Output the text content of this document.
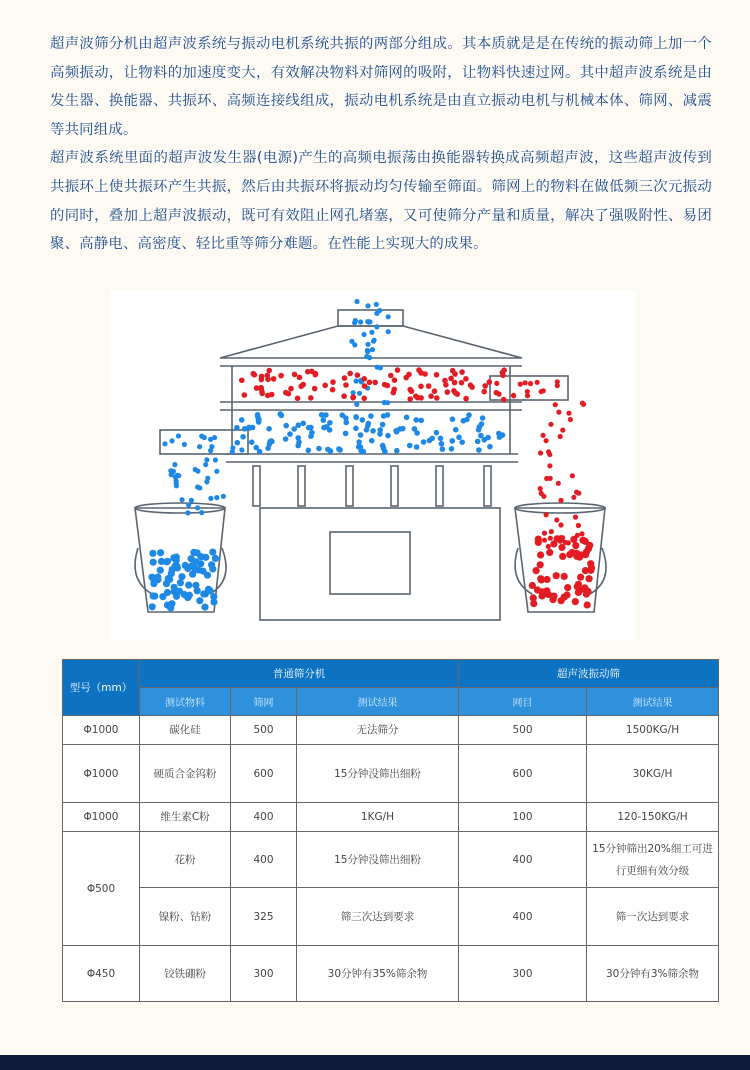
超声波筛分机由超声波系统与振动电机系统共振的两部分组成。其本质就是是在传统的振动筛上加一个高频振动，让物料的加速度变大，有效解决物料对筛网的吸附，让物料快速过网。其中超声波系统是由发生器、换能器、共振环、高频连接线组成，振动电机系统是由直立振动电机与机械本体、筛网、减震等共同组成。

超声波系统里面的超声波发生器(电源)产生的高频电振荡由换能器转换成高频超声波，这些超声波传到共振环上使共振环产生共振，然后由共振环将振动均匀传输至筛面。筛网上的物料在做低频三次元振动的同时，叠加上超声波振动，既可有效阻止网孔堵塞，又可使筛分产量和质量，解决了强吸附性、易团聚、高静电、高密度、轻比重等筛分难题。在性能上实现大的成果。

型号（mm）	普通筛分机			超声波振动筛	
	测试物料	筛网	测试结果	网目	测试结果
Φ1000	碳化硅	500	无法筛分	500	1500KG/H
Φ1000	硬质合金钨粉	600	15分钟没筛出细粉	600	30KG/H
Φ1000	维生素C粉	400	1KG/H	100	120-150KG/H
Φ500	花粉	400	15分钟没筛出细粉	400	15分钟筛出20%细工可进行更细有效分级
	镍粉、钴粉	325	筛三次达到要求	400	筛一次达到要求
Φ450	铰铁硼粉	300	30分钟有35%筛余物	300	30分钟有3%筛余物
